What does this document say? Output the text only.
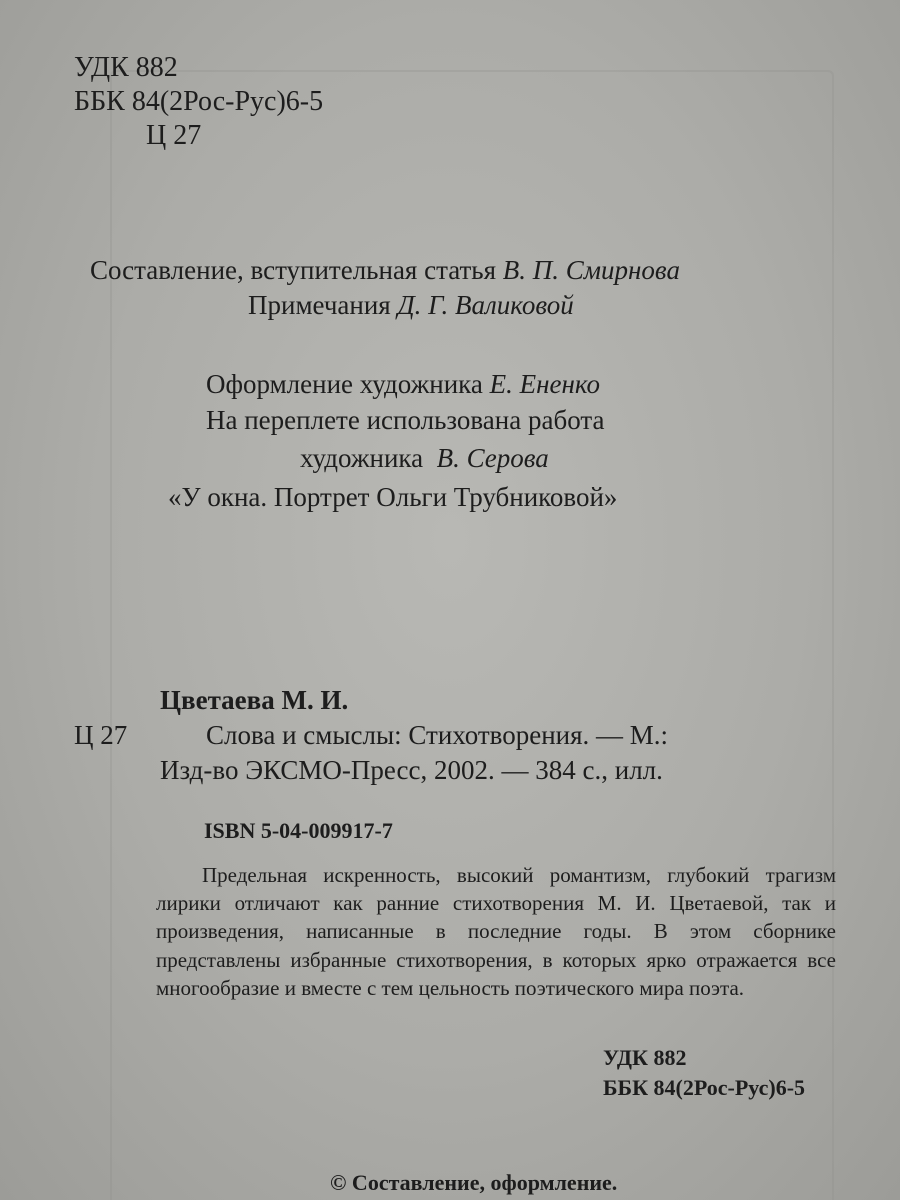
УДК 882
ББК 84(2Рос-Рус)6-5
Ц 27
Составление, вступительная статья В. П. Смирнова
Примечания Д. Г. Валиковой
Оформление художника Е. Ененко
На переплете использована работа
художника В. Серова
«У окна. Портрет Ольги Трубниковой»
Цветаева М. И.
Ц 27	Слова и смыслы: Стихотворения. — М.:
Изд-во ЭКСМО-Пресс, 2002. — 384 с., илл.
ISBN 5-04-009917-7
Предельная искренность, высокий романтизм, глубокий трагизм лирики отличают как ранние стихотворения М. И. Цветаевой, так и произведения, написанные в последние годы. В этом сборнике представлены избранные стихотворения, в которых ярко отражается все многообразие и вместе с тем цельность поэтического мира поэта.
УДК 882
ББК 84(2Рос-Рус)6-5
© Составление, оформление.
